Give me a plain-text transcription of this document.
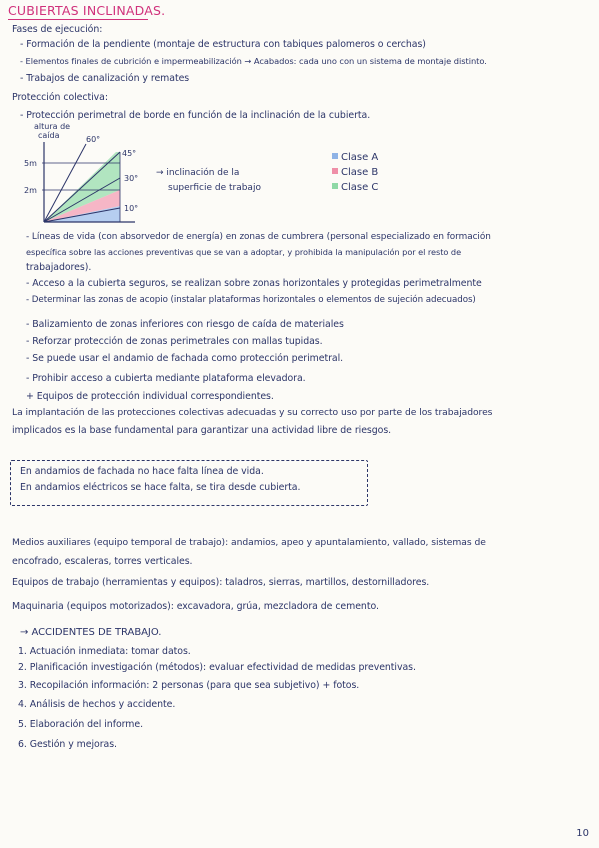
CUBIERTAS INCLINADAS.
Fases de ejecución:
- Formación de la pendiente (montaje de estructura con tabiques palomeros o cerchas)
- Elementos finales de cubrición e impermeabilización → Acabados: cada uno con un sistema de montaje distinto.
- Trabajos de canalización y remates
Protección colectiva:
- Protección perimetral de borde en función de la inclinación de la cubierta.
altura de
caída
5m
2m
60°
45°
30°
10°
→ inclinación de la
superficie de trabajo
Clase A
Clase B
Clase C
- Líneas de vida (con absorvedor de energía) en zonas de cumbrera (personal especializado en formación
específica sobre las acciones preventivas que se van a adoptar, y prohibida la manipulación por el resto de
trabajadores).
- Acceso a la cubierta seguros, se realizan sobre zonas horizontales y protegidas perimetralmente
- Determinar las zonas de acopio (instalar plataformas horizontales o elementos de sujeción adecuados)
- Balizamiento de zonas inferiores con riesgo de caída de materiales
- Reforzar protección de zonas perimetrales con mallas tupidas.
- Se puede usar el andamio de fachada como protección perimetral.
- Prohibir acceso a cubierta mediante plataforma elevadora.
+ Equipos de protección individual correspondientes.
La implantación de las protecciones colectivas adecuadas y su correcto uso por parte de los trabajadores
implicados es la base fundamental para garantizar una actividad libre de riesgos.
En andamios de fachada no hace falta línea de vida.
En andamios eléctricos se hace falta, se tira desde cubierta.
Medios auxiliares (equipo temporal de trabajo): andamios, apeo y apuntalamiento, vallado, sistemas de
encofrado, escaleras, torres verticales.
Equipos de trabajo (herramientas y equipos): taladros, sierras, martillos, destornilladores.
Maquinaria (equipos motorizados): excavadora, grúa, mezcladora de cemento.
→ ACCIDENTES DE TRABAJO.
1. Actuación inmediata: tomar datos.
2. Planificación investigación (métodos): evaluar efectividad de medidas preventivas.
3. Recopilación información: 2 personas (para que sea subjetivo) + fotos.
4. Análisis de hechos y accidente.
5. Elaboración del informe.
6. Gestión y mejoras.
10
